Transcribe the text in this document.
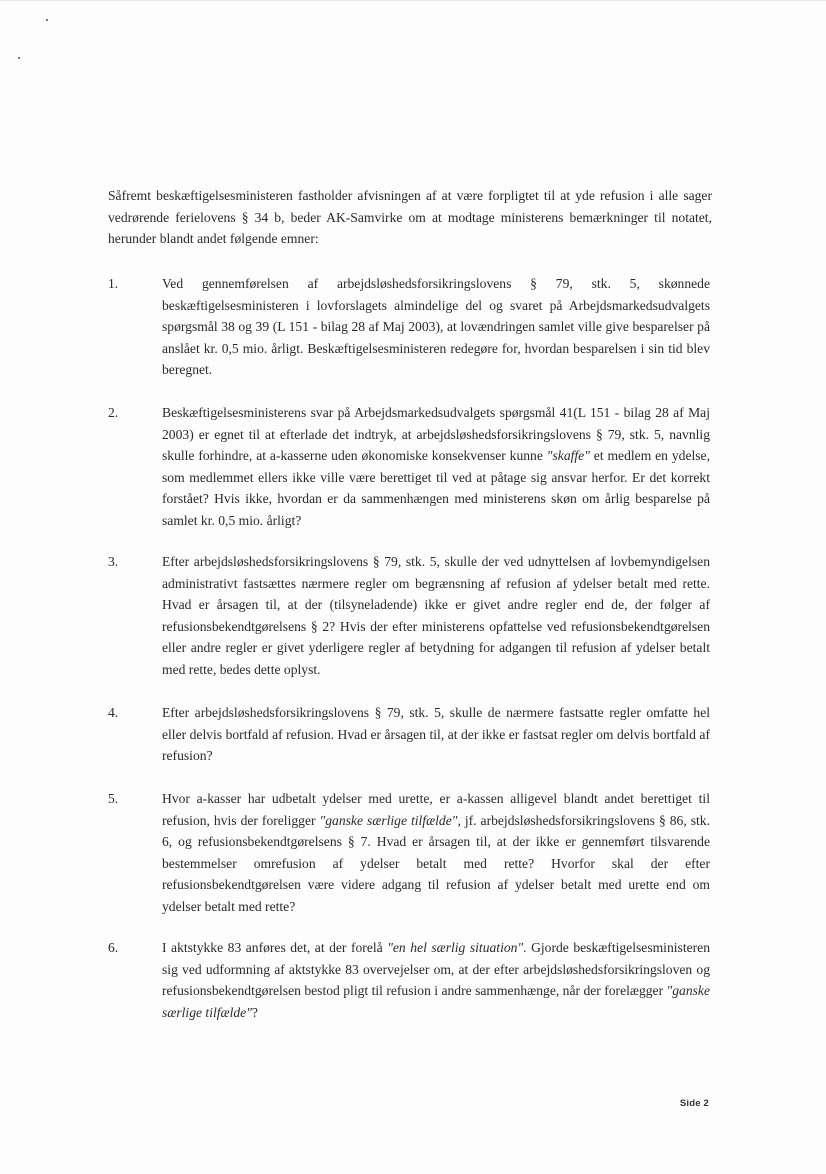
Såfremt beskæftigelsesministeren fastholder afvisningen af at være forpligtet til at yde refusion i alle sager vedrørende ferielovens § 34 b, beder AK-Samvirke om at modtage ministerens bemærkninger til notatet, herunder blandt andet følgende emner:

1.	Ved gennemførelsen af arbejdsløshedsforsikringslovens § 79, stk. 5, skønnede beskæftigelsesministeren i lovforslagets almindelige del og svaret på Arbejdsmarkedsudvalgets spørgsmål 38 og 39 (L 151 - bilag 28 af Maj 2003), at lovændringen samlet ville give besparelser på anslået kr. 0,5 mio. årligt. Beskæftigelsesministeren redegøre for, hvordan besparelsen i sin tid blev beregnet.

2.	Beskæftigelsesministerens svar på Arbejdsmarkedsudvalgets spørgsmål 41(L 151 - bilag 28 af Maj 2003) er egnet til at efterlade det indtryk, at arbejdsløshedsforsikringslovens § 79, stk. 5, navnlig skulle forhindre, at a-kasserne uden økonomiske konsekvenser kunne "skaffe" et medlem en ydelse, som medlemmet ellers ikke ville være berettiget til ved at påtage sig ansvar herfor. Er det korrekt forstået? Hvis ikke, hvordan er da sammenhængen med ministerens skøn om årlig besparelse på samlet kr. 0,5 mio. årligt?

3.	Efter arbejdsløshedsforsikringslovens § 79, stk. 5, skulle der ved udnyttelsen af lovbemyndigelsen administrativt fastsættes nærmere regler om begrænsning af refusion af ydelser betalt med rette. Hvad er årsagen til, at der (tilsyneladende) ikke er givet andre regler end de, der følger af refusionsbekendtgørelsens § 2? Hvis der efter ministerens opfattelse ved refusionsbekendtgørelsen eller andre regler er givet yderligere regler af betydning for adgangen til refusion af ydelser betalt med rette, bedes dette oplyst.

4.	Efter arbejdsløshedsforsikringslovens § 79, stk. 5, skulle de nærmere fastsatte regler omfatte hel eller delvis bortfald af refusion. Hvad er årsagen til, at der ikke er fastsat regler om delvis bortfald af refusion?

5.	Hvor a-kasser har udbetalt ydelser med urette, er a-kassen alligevel blandt andet berettiget til refusion, hvis der foreligger "ganske særlige tilfælde", jf. arbejdsløshedsforsikringslovens § 86, stk. 6, og refusionsbekendtgørelsens § 7. Hvad er årsagen til, at der ikke er gennemført tilsvarende bestemmelser omrefusion af ydelser betalt med rette? Hvorfor skal der efter refusionsbekendtgørelsen være videre adgang til refusion af ydelser betalt med urette end om ydelser betalt med rette?

6.	I aktstykke 83 anføres det, at der forelå "en hel særlig situation". Gjorde beskæftigelsesministeren sig ved udformning af aktstykke 83 overvejelser om, at der efter arbejdsløshedsforsikringsloven og refusionsbekendtgørelsen bestod pligt til refusion i andre sammenhænge, når der forelægger "ganske særlige tilfælde"?

Side 2
